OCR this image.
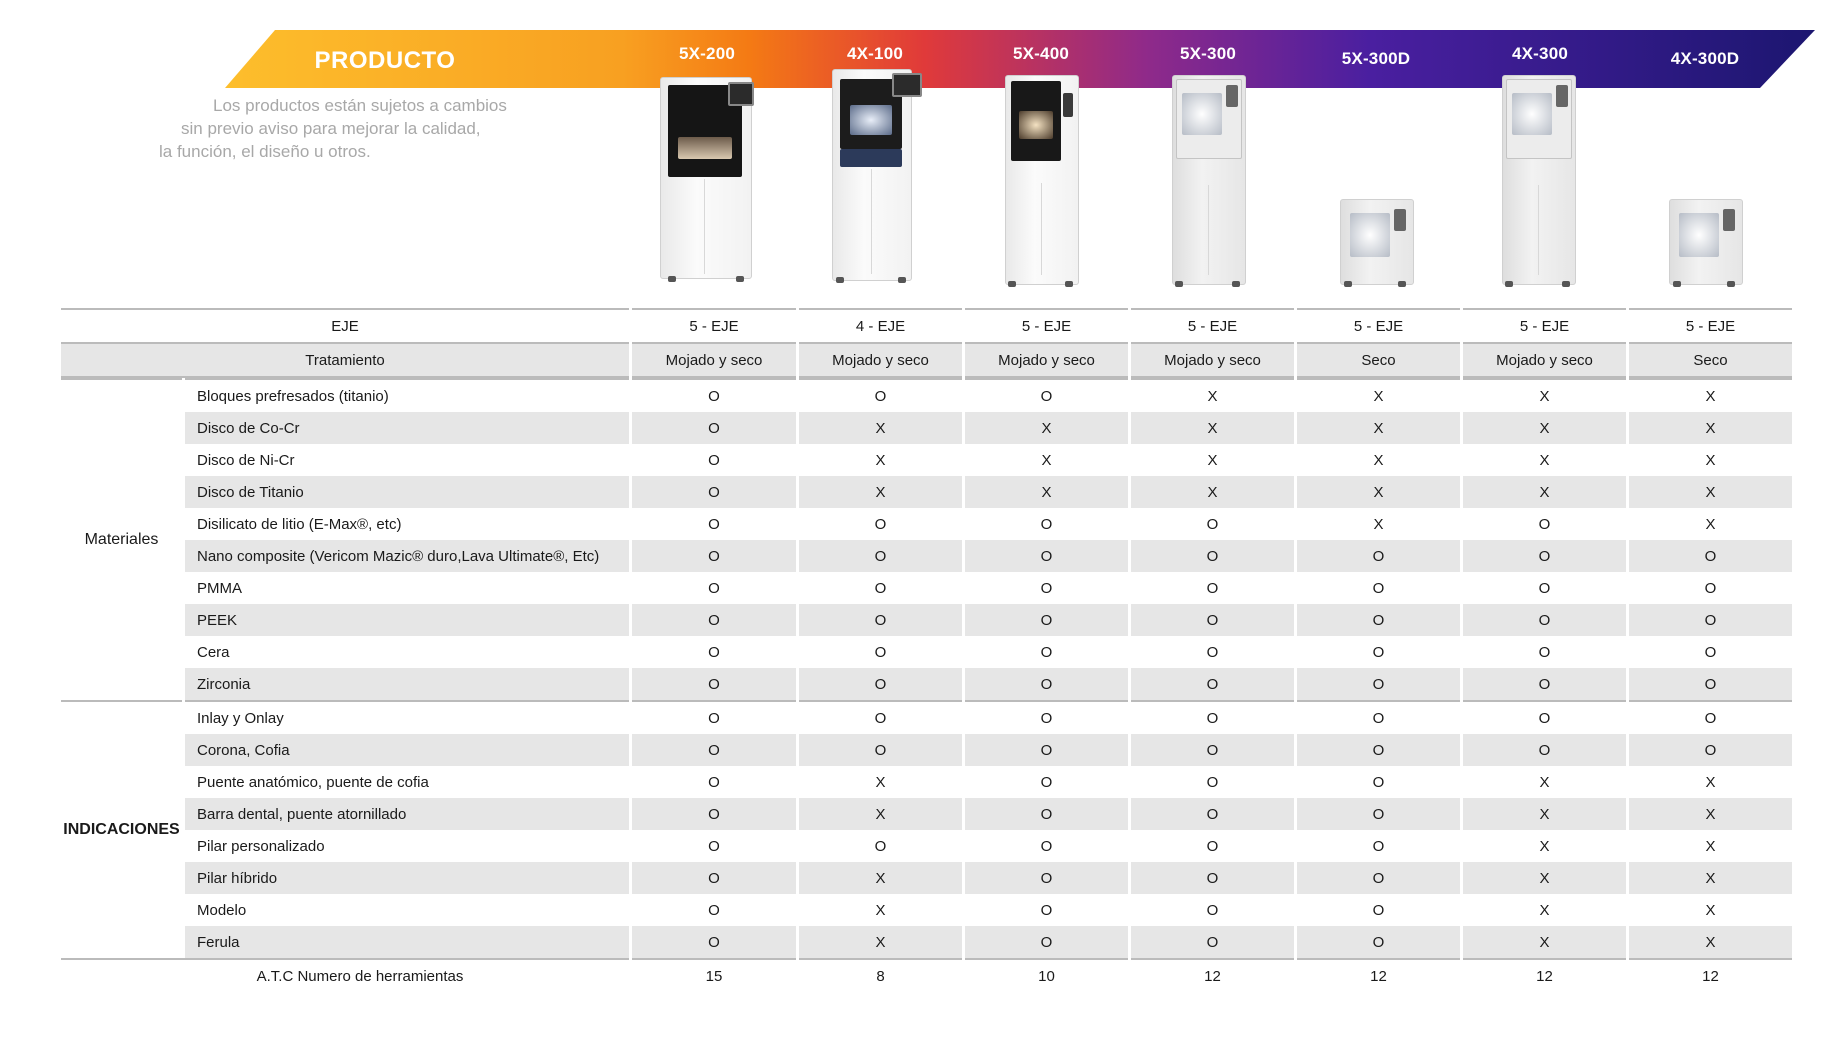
PRODUCTO	5X-200	4X-100	5X-400	5X-300	5X-300D	4X-300	4X-300D
Los productos están sujetos a cambios
sin previo aviso para mejorar la calidad,
la función, el diseño u otros.
EJE		5 - EJE	4 - EJE	5 - EJE	5 - EJE	5 - EJE	5 - EJE	5 - EJE
Tratamiento		Mojado y seco	Mojado y seco	Mojado y seco	Mojado y seco	Seco	Mojado y seco	Seco
Materiales	Bloques prefresados (titanio)	O	O	O	X	X	X	X
	Disco de Co-Cr	O	X	X	X	X	X	X
	Disco de Ni-Cr	O	X	X	X	X	X	X
	Disco de Titanio	O	X	X	X	X	X	X
	Disilicato de litio (E-Max®, etc)	O	O	O	O	X	O	X
	Nano composite (Vericom Mazic® duro,Lava Ultimate®, Etc)	O	O	O	O	O	O	O
	PMMA	O	O	O	O	O	O	O
	PEEK	O	O	O	O	O	O	O
	Cera	O	O	O	O	O	O	O
	Zirconia	O	O	O	O	O	O	O
INDICACIONES	Inlay y Onlay	O	O	O	O	O	O	O
	Corona, Cofia	O	O	O	O	O	O	O
	Puente anatómico, puente de cofia	O	X	O	O	O	X	X
	Barra dental, puente atornillado	O	X	O	O	O	X	X
	Pilar personalizado	O	O	O	O	O	X	X
	Pilar híbrido	O	X	O	O	O	X	X
	Modelo	O	X	O	O	O	X	X
	Ferula	O	X	O	O	O	X	X
A.T.C Numero de herramientas		15	8	10	12	12	12	12
